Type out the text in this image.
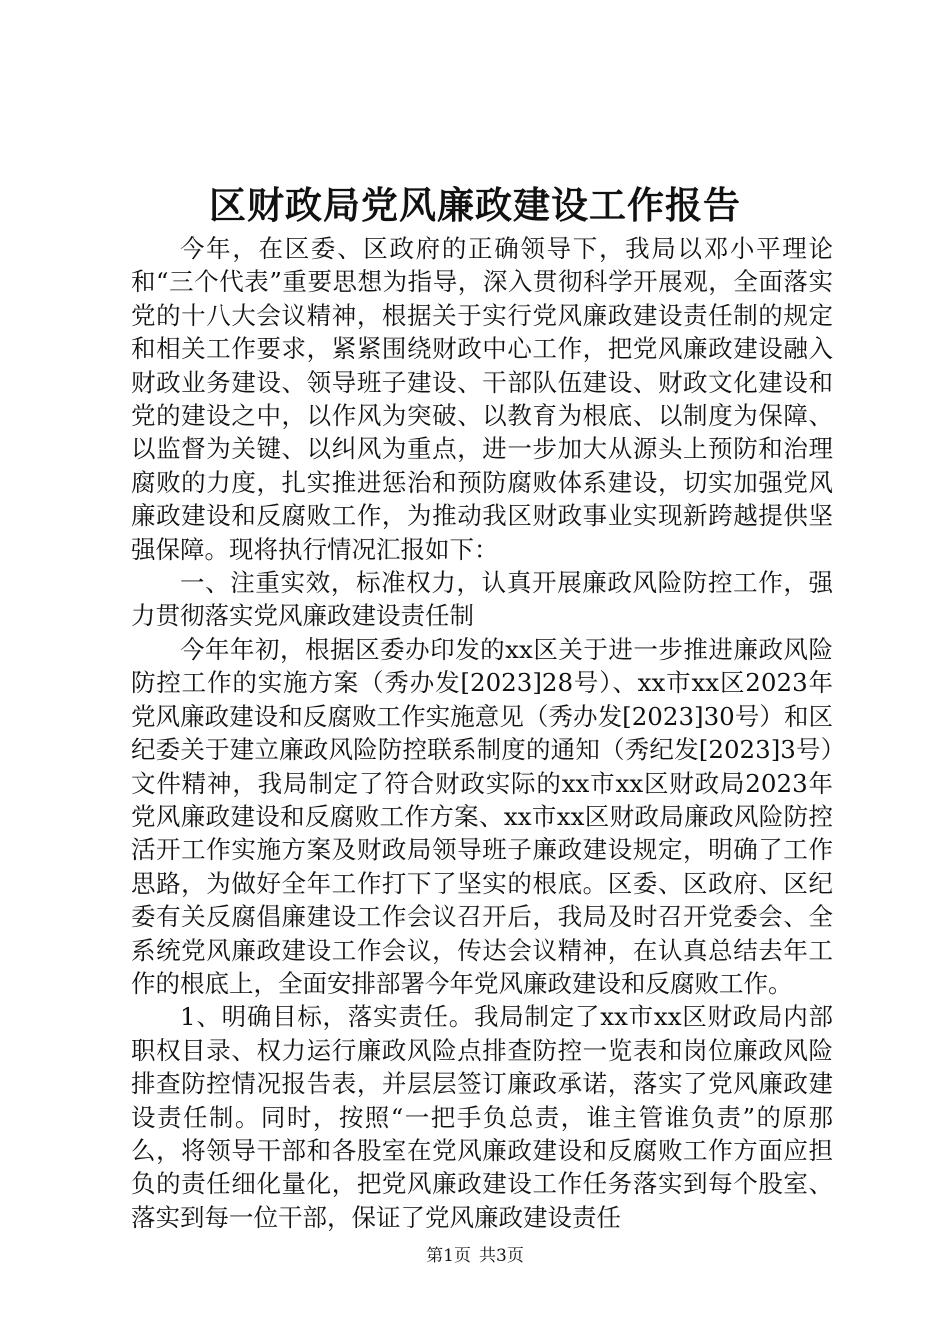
区财政局党风廉政建设工作报告

今年，在区委、区政府的正确领导下，我局以邓小平理论和“三个代表”重要思想为指导，深入贯彻科学开展观，全面落实党的十八大会议精神，根据关于实行党风廉政建设责任制的规定和相关工作要求，紧紧围绕财政中心工作，把党风廉政建设融入财政业务建设、领导班子建设、干部队伍建设、财政文化建设和党的建设之中，以作风为突破、以教育为根底、以制度为保障、以监督为关键、以纠风为重点，进一步加大从源头上预防和治理腐败的力度，扎实推进惩治和预防腐败体系建设，切实加强党风廉政建设和反腐败工作，为推动我区财政事业实现新跨越提供坚强保障。现将执行情况汇报如下：

一、注重实效，标准权力，认真开展廉政风险防控工作，强力贯彻落实党风廉政建设责任制

今年年初，根据区委办印发的xx区关于进一步推进廉政风险防控工作的实施方案（秀办发[2023]28号）、xx市xx区2023年党风廉政建设和反腐败工作实施意见（秀办发[2023]30号）和区纪委关于建立廉政风险防控联系制度的通知（秀纪发[2023]3号）文件精神，我局制定了符合财政实际的xx市xx区财政局2023年党风廉政建设和反腐败工作方案、xx市xx区财政局廉政风险防控活开工作实施方案及财政局领导班子廉政建设规定，明确了工作思路，为做好全年工作打下了坚实的根底。区委、区政府、区纪委有关反腐倡廉建设工作会议召开后，我局及时召开党委会、全系统党风廉政建设工作会议，传达会议精神，在认真总结去年工作的根底上，全面安排部署今年党风廉政建设和反腐败工作。

1、明确目标，落实责任。我局制定了xx市xx区财政局内部职权目录、权力运行廉政风险点排查防控一览表和岗位廉政风险排查防控情况报告表，并层层签订廉政承诺，落实了党风廉政建设责任制。同时，按照“一把手负总责，谁主管谁负责”的原那么，将领导干部和各股室在党风廉政建设和反腐败工作方面应担负的责任细化量化，把党风廉政建设工作任务落实到每个股室、落实到每一位干部，保证了党风廉政建设责任

第1页 共3页
